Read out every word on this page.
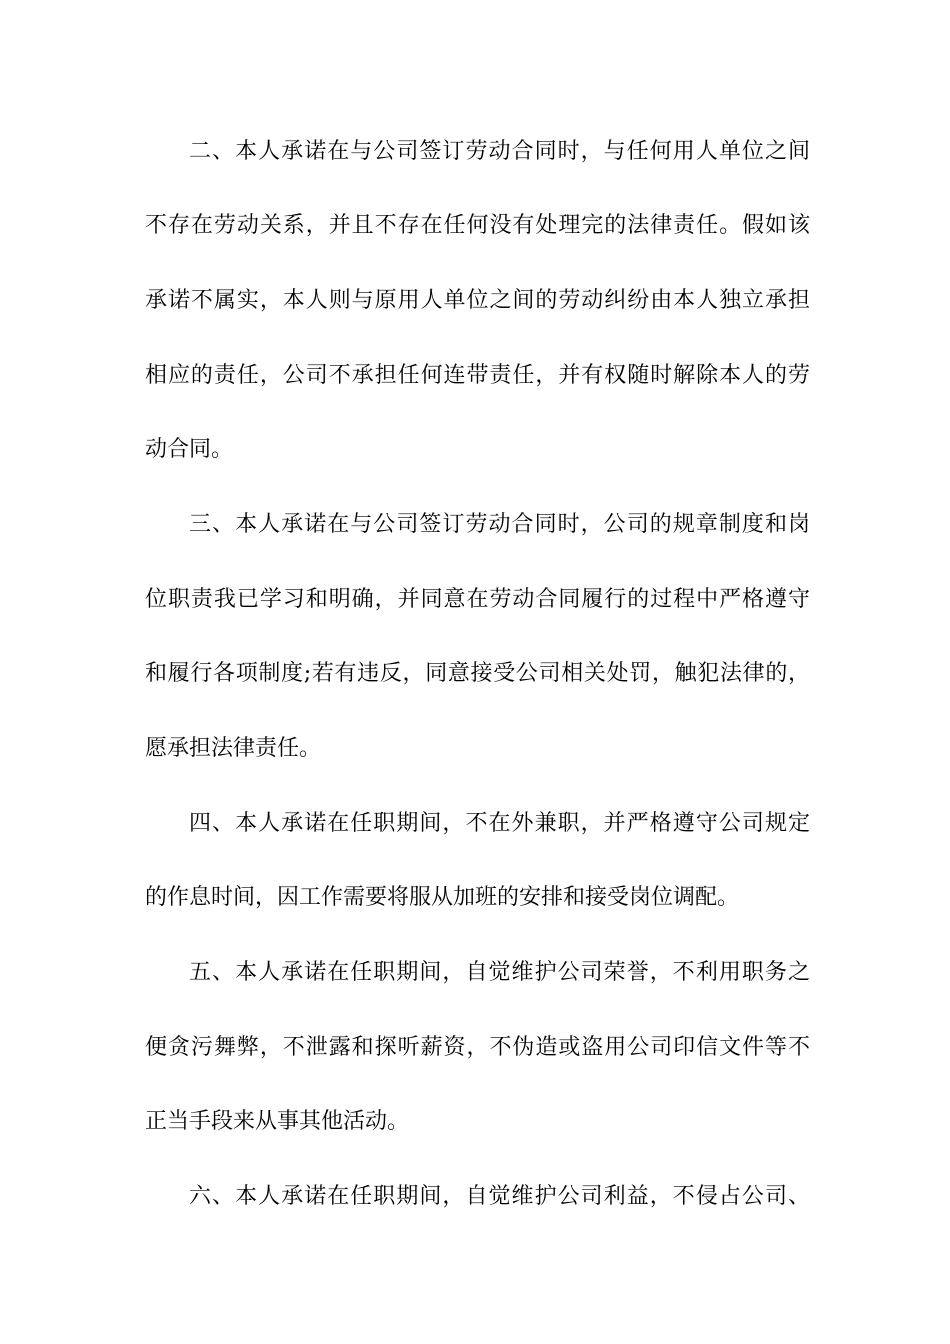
二、本人承诺在与公司签订劳动合同时，与任何用人单位之间
不存在劳动关系，并且不存在任何没有处理完的法律责任。假如该
承诺不属实，本人则与原用人单位之间的劳动纠纷由本人独立承担
相应的责任，公司不承担任何连带责任，并有权随时解除本人的劳
动合同。
三、本人承诺在与公司签订劳动合同时，公司的规章制度和岗
位职责我已学习和明确，并同意在劳动合同履行的过程中严格遵守
和履行各项制度;若有违反，同意接受公司相关处罚，触犯法律的，
愿承担法律责任。
四、本人承诺在任职期间，不在外兼职，并严格遵守公司规定
的作息时间，因工作需要将服从加班的安排和接受岗位调配。
五、本人承诺在任职期间，自觉维护公司荣誉，不利用职务之
便贪污舞弊，不泄露和探听薪资，不伪造或盗用公司印信文件等不
正当手段来从事其他活动。
六、本人承诺在任职期间，自觉维护公司利益，不侵占公司、
